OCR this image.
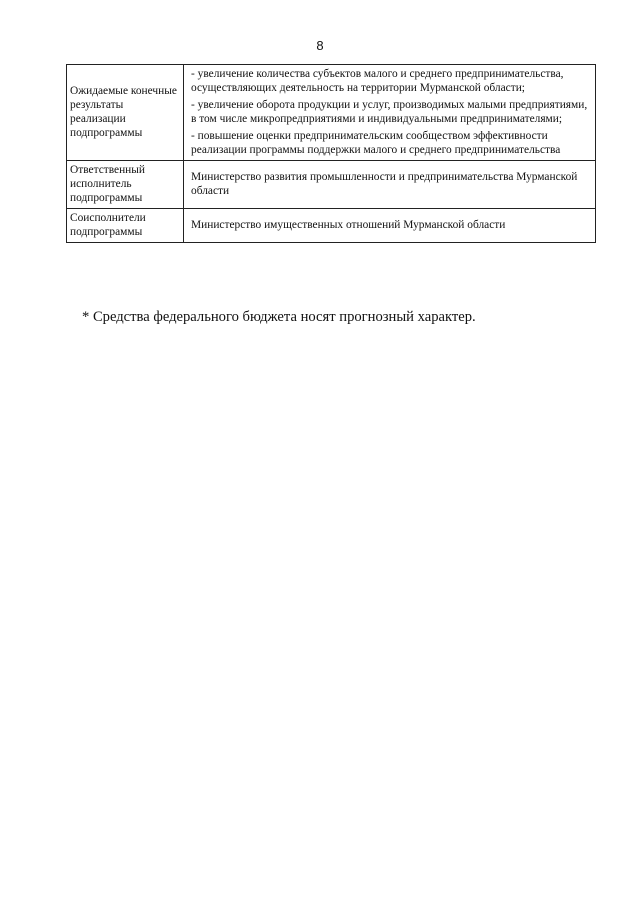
8
Ожидаемые конечные результаты реализации подпрограммы	- увеличение количества субъектов малого и среднего предпринимательства, осуществляющих деятельность на территории Мурманской области;
- увеличение оборота продукции и услуг, производимых малыми предприятиями, в том числе микропредприятиями и индивидуальными предпринимателями;
- повышение оценки предпринимательским сообществом эффективности реализации программы поддержки малого и среднего предпринимательства

Ответственный исполнитель подпрограммы	Министерство развития промышленности и предпринимательства Мурманской области
Соисполнители подпрограммы	Министерство имущественных отношений Мурманской области
* Средства федерального бюджета носят прогнозный характер.
